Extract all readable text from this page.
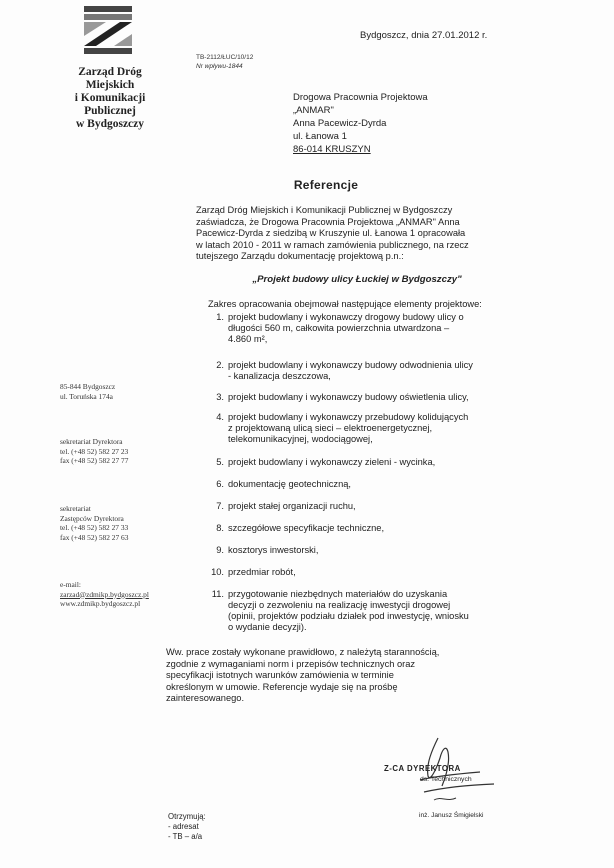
Zarząd Dróg
Miejskich
i Komunikacji
Publicznej
w Bydgoszczy
Bydgoszcz, dnia 27.01.2012 r.
TB-2112/ŁUC/10/12
Nr wpływu-1844
Drogowa Pracownia Projektowa
„ANMAR"
Anna Pacewicz-Dyrda
ul. Łanowa 1
86-014 KRUSZYN
Referencje
Zarząd Dróg Miejskich i Komunikacji Publicznej w Bydgoszczy
zaświadcza, że Drogowa Pracownia Projektowa „ANMAR" Anna
Pacewicz-Dyrda z siedzibą w Kruszynie ul. Łanowa 1 opracowała
w latach 2010 - 2011 w ramach zamówienia publicznego, na rzecz
tutejszego Zarządu dokumentację projektową p.n.:
„Projekt budowy ulicy Łuckiej w Bydgoszczy"
Zakres opracowania obejmował następujące elementy projektowe:
1. projekt budowlany i wykonawczy drogowy budowy ulicy o
długości 560 m, całkowita powierzchnia utwardzona –
4.860 m²,
2. projekt budowlany i wykonawczy budowy odwodnienia ulicy
- kanalizacja deszczowa,
3. projekt budowlany i wykonawczy budowy oświetlenia ulicy,
4. projekt budowlany i wykonawczy przebudowy kolidujących
z projektowaną ulicą sieci – elektroenergetycznej,
telekomunikacyjnej, wodociągowej,
5. projekt budowlany i wykonawczy zieleni - wycinka,
6. dokumentację geotechniczną,
7. projekt stałej organizacji ruchu,
8. szczegółowe specyfikacje techniczne,
9. kosztorys inwestorski,
10. przedmiar robót,
11. przygotowanie niezbędnych materiałów do uzyskania
decyzji o zezwoleniu na realizację inwestycji drogowej
(opinii, projektów podziału działek pod inwestycję, wniosku
o wydanie decyzji).
Ww. prace zostały wykonane prawidłowo, z należytą starannością,
zgodnie z wymaganiami norm i przepisów technicznych oraz
specyfikacji istotnych warunków zamówienia w terminie
określonym w umowie. Referencje wydaje się na prośbę
zainteresowanego.
85-844 Bydgoszcz
ul. Toruńska 174a
sekretariat Dyrektora
tel. (+48 52) 582 27 23
fax (+48 52) 582 27 77
sekretariat
Zastępców Dyrektora
tel. (+48 52) 582 27 33
fax (+48 52) 582 27 63
e-mail:
zarzad@zdmikp.bydgoszcz.pl
www.zdmikp.bydgoszcz.pl
Z-CA DYREKTORA
ds. Technicznych
inż. Janusz Śmigielski
Otrzymują:
- adresat
- TB – a/a
